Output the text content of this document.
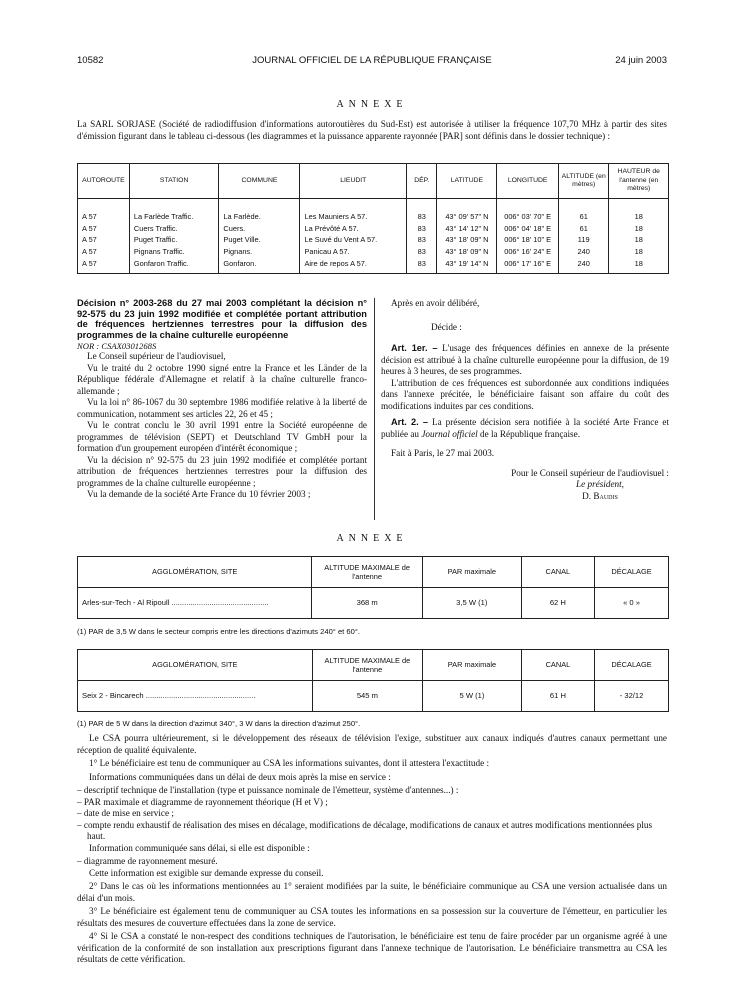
10582	JOURNAL OFFICIEL DE LA RÉPUBLIQUE FRANÇAISE	24 juin 2003
ANNEXE
La SARL SORJASE (Société de radiodiffusion d'informations autoroutières du Sud-Est) est autorisée à utiliser la fréquence 107,70 MHz à partir des sites d'émission figurant dans le tableau ci-dessous (les diagrammes et la puissance apparente rayonnée [PAR] sont définis dans le dossier technique) :
AUTOROUTE	STATION	COMMUNE	LIEUDIT	DÉP.	LATITUDE	LONGITUDE	ALTITUDE (en mètres)	HAUTEUR de l'antenne (en mètres)
A 57	La Farlède Traffic.	La Farlède.	Les Mauniers A 57.	83	43° 09' 57" N	006° 03' 70" E	61	18
A 57	Cuers Traffic.	Cuers.	La Prévôté A 57.	83	43° 14' 12" N	006° 04' 18" E	61	18
A 57	Puget Traffic.	Puget Ville.	Le Suvé du Vent A 57.	83	43° 18' 09" N	006° 18' 10" E	119	18
A 57	Pignans Traffic.	Pignans.	Panicau A 57.	83	43° 18' 09" N	006° 16' 24" E	240	18
A 57	Gonfaron Traffic.	Gonfaron.	Aire de repos A 57.	83	43° 19' 14" N	006° 17' 16" E	240	18

Décision n° 2003-268 du 27 mai 2003 complétant la décision n° 92-575 du 23 juin 1992 modifiée et complétée portant attribution de fréquences hertziennes terrestres pour la diffusion des programmes de la chaîne culturelle européenne

NOR : CSAX0301268S

Le Conseil supérieur de l'audiovisuel,

Vu le traité du 2 octobre 1990 signé entre la France et les Länder de la République fédérale d'Allemagne et relatif à la chaîne culturelle franco-allemande ;

Vu la loi n° 86-1067 du 30 septembre 1986 modifiée relative à la liberté de communication, notamment ses articles 22, 26 et 45 ;

Vu le contrat conclu le 30 avril 1991 entre la Société européenne de programmes de télévision (SEPT) et Deutschland TV GmbH pour la formation d'un groupement européen d'intérêt économique ;

Vu la décision n° 92-575 du 23 juin 1992 modifiée et complétée portant attribution de fréquences hertziennes terrestres pour la diffusion des programmes de la chaîne culturelle européenne ;

Vu la demande de la société Arte France du 10 février 2003 ;

Après en avoir délibéré,

Décide :

Art. 1er. – L'usage des fréquences définies en annexe de la présente décision est attribué à la chaîne culturelle européenne pour la diffusion, de 19 heures à 3 heures, de ses programmes.

L'attribution de ces fréquences est subordonnée aux conditions indiquées dans l'annexe précitée, le bénéficiaire faisant son affaire du coût des modifications induites par ces conditions.

Art. 2. – La présente décision sera notifiée à la société Arte France et publiée au Journal officiel de la République française.

Fait à Paris, le 27 mai 2003.

Pour le Conseil supérieur de l'audiovisuel :

Le président,

D. Baudis

ANNEXE
AGGLOMÉRATION, SITE	ALTITUDE MAXIMALE de l'antenne	PAR maximale	CANAL	DÉCALAGE
Arles-sur-Tech - Al Ripoull ..............................................	368 m	3,5 W (1)	62 H	« 0 »
(1) PAR de 3,5 W dans le secteur compris entre les directions d'azimuts 240° et 60°.
AGGLOMÉRATION, SITE	ALTITUDE MAXIMALE de l'antenne	PAR maximale	CANAL	DÉCALAGE
Seix 2 - Bincarech ....................................................	545 m	5 W (1)	61 H	- 32/12
(1) PAR de 5 W dans la direction d'azimut 340°, 3 W dans la direction d'azimut 250°.

Le CSA pourra ultérieurement, si le développement des réseaux de télévision l'exige, substituer aux canaux indiqués d'autres canaux permettant une réception de qualité équivalente.

1° Le bénéficiaire est tenu de communiquer au CSA les informations suivantes, dont il attestera l'exactitude :

Informations communiquées dans un délai de deux mois après la mise en service :

– descriptif technique de l'installation (type et puissance nominale de l'émetteur, système d'antennes...) :
– PAR maximale et diagramme de rayonnement théorique (H et V) ;
– date de mise en service ;
– compte rendu exhaustif de réalisation des mises en décalage, modifications de décalage, modifications de canaux et autres modifications mentionnées plus haut.

Information communiquée sans délai, si elle est disponible :

– diagramme de rayonnement mesuré.

Cette information est exigible sur demande expresse du conseil.

2° Dans le cas où les informations mentionnées au 1° seraient modifiées par la suite, le bénéficiaire communique au CSA une version actualisée dans un délai d'un mois.

3° Le bénéficiaire est également tenu de communiquer au CSA toutes les informations en sa possession sur la couverture de l'émetteur, en particulier les résultats des mesures de couverture effectuées dans la zone de service.

4° Si le CSA a constaté le non-respect des conditions techniques de l'autorisation, le bénéficiaire est tenu de faire procéder par un organisme agréé à une vérification de la conformité de son installation aux prescriptions figurant dans l'annexe technique de l'autorisation. Le bénéficiaire transmettra au CSA les résultats de cette vérification.
